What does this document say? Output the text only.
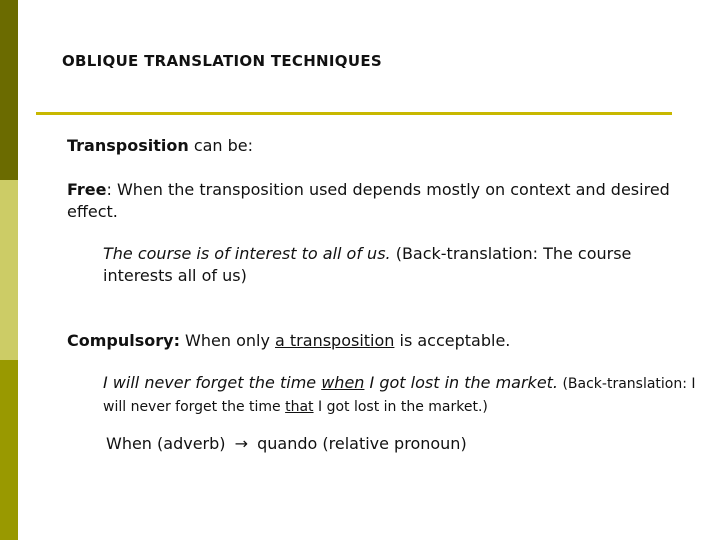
OBLIQUE TRANSLATION TECHNIQUES

Transposition can be:

Free: When the transposition used depends mostly on context and desired effect.

The course is of interest to all of us. (Back-translation: The course interests all of us)

Compulsory: When only a transposition is acceptable.

I will never forget the time when I got lost in the market. (Back-translation: I will never forget the time that I got lost in the market.)

When (adverb) → quando (relative pronoun)
